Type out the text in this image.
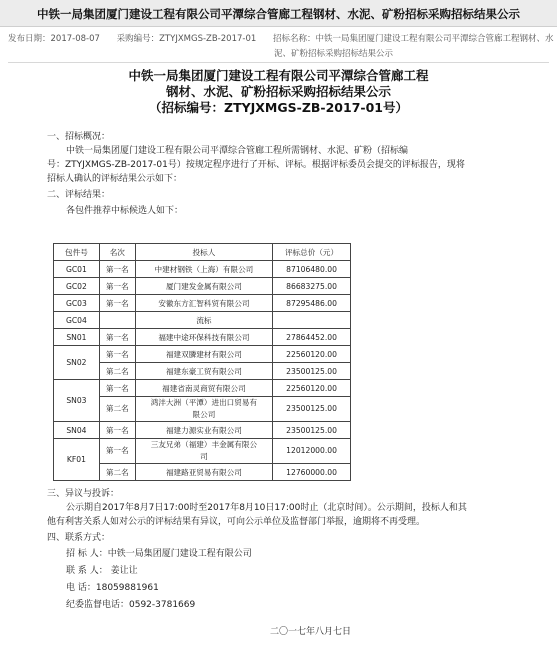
中铁一局集团厦门建设工程有限公司平潭综合管廊工程钢材、水泥、矿粉招标采购招标结果公示
发布日期：2017-08-07 采购编号：ZTYJXMGS-ZB-2017-01 招标名称：中铁一局集团厦门建设工程有限公司平潭综合管廊工程钢材、水
泥、矿粉招标采购招标结果公示
中铁一局集团厦门建设工程有限公司平潭综合管廊工程
钢材、水泥、矿粉招标采购招标结果公示
（招标编号：ZTYJXMGS-ZB-2017-01号）
一、招标概况：
中铁一局集团厦门建设工程有限公司平潭综合管廊工程所需钢材、水泥、矿粉（招标编
号：ZTYJXMGS-ZB-2017-01号）按规定程序进行了开标、评标。根据评标委员会提交的评标报告，现将
招标人确认的评标结果公示如下：
二、评标结果：
各包件推荐中标候选人如下：
包件号	名次	投标人	评标总价（元）
GC01	第一名	中建材钢铁（上海）有限公司	87106480.00
GC02	第一名	厦门建发金属有限公司	86683275.00
GC03	第一名	安徽东方汇智科贸有限公司	87295486.00
GC04		流标	
SN01	第一名	福建中途环保科技有限公司	27864452.00
SN02	第一名	福建双膦建材有限公司	22560120.00
	第二名	福建东豪工贸有限公司	23500125.00
SN03	第一名	福建省南灵商贸有限公司	22560120.00
	第二名	鸿沣大洲（平潭）进出口贸易有
限公司	23500125.00
SN04	第一名	福建力源实业有限公司	23500125.00
KF01	第一名	三友兄弟（福建）丰金属有限公
司	12012000.00
	第二名	福建路亚贸易有限公司	12760000.00
三、异议与投诉：
公示期自2017年8月7日17:00时至2017年8月10日17:00时止（北京时间）。公示期间，投标人和其
他有利害关系人如对公示的评标结果有异议，可向公示单位及监督部门举报，逾期将不再受理。
四、联系方式：
招 标 人：中铁一局集团厦门建设工程有限公司
联 系 人： 姜让让
电 话：18059881961
纪委监督电话：0592-3781669
二〇一七年八月七日
